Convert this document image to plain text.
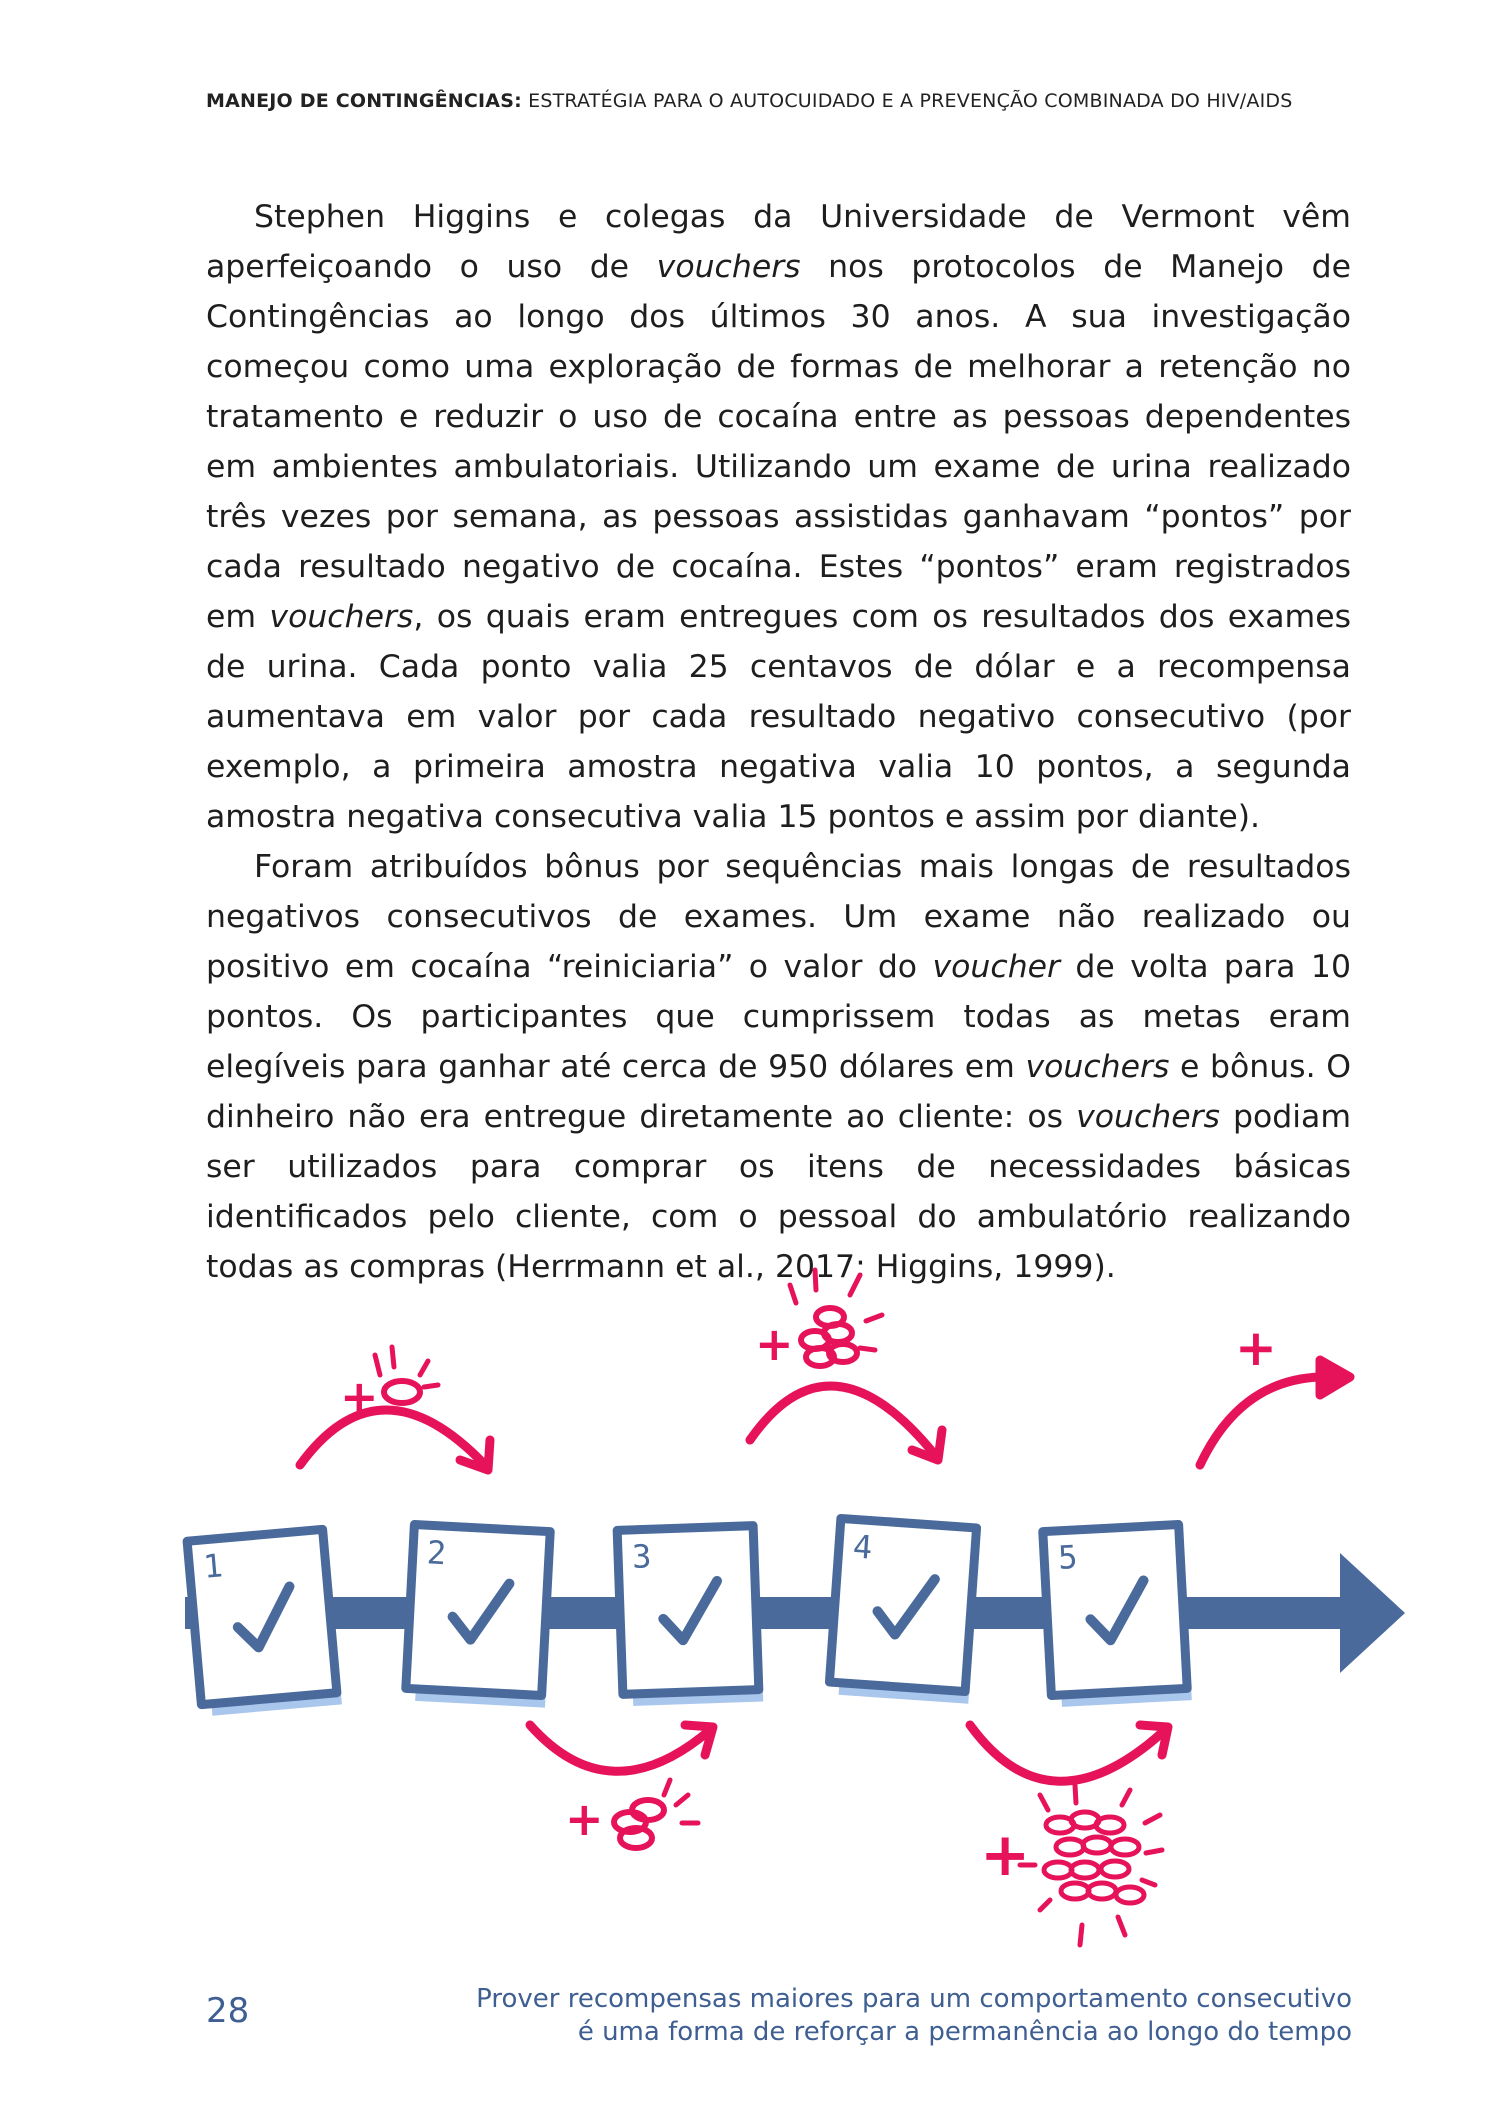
MANEJO DE CONTINGÊNCIAS: ESTRATÉGIA PARA O AUTOCUIDADO E A PREVENÇÃO COMBINADA DO HIV/AIDS

Stephen Higgins e colegas da Universidade de Vermont vêm aperfeiçoando o uso de vouchers nos protocolos de Manejo de Contingências ao longo dos últimos 30 anos. A sua investigação começou como uma exploração de formas de melhorar a retenção no tratamento e reduzir o uso de cocaína entre as pessoas dependentes em ambientes ambulatoriais. Utilizando um exame de urina realizado três vezes por semana, as pessoas assistidas ganhavam “pontos” por cada resultado negativo de cocaína. Estes “pontos” eram registrados em vouchers, os quais eram entregues com os resultados dos exames de urina. Cada ponto valia 25 centavos de dólar e a recompensa aumentava em valor por cada resultado negativo consecutivo (por exemplo, a primeira amostra negativa valia 10 pontos, a segunda amostra negativa consecutiva valia 15 pontos e assim por diante).

Foram atribuídos bônus por sequências mais longas de resultados negativos consecutivos de exames. Um exame não realizado ou positivo em cocaína “reiniciaria” o valor do voucher de volta para 10 pontos. Os participantes que cumprissem todas as metas eram elegíveis para ganhar até cerca de 950 dólares em vouchers e bônus. O dinheiro não era entregue diretamente ao cliente: os vouchers podiam ser utilizados para comprar os itens de necessidades básicas identificados pelo cliente, com o pessoal do ambulatório realizando todas as compras (Herrmann et al., 2017; Higgins, 1999).

1	2	3	4	5
+
+
+
+
+
Prover recompensas maiores para um comportamento consecutivo
é uma forma de reforçar a permanência ao longo do tempo
28
